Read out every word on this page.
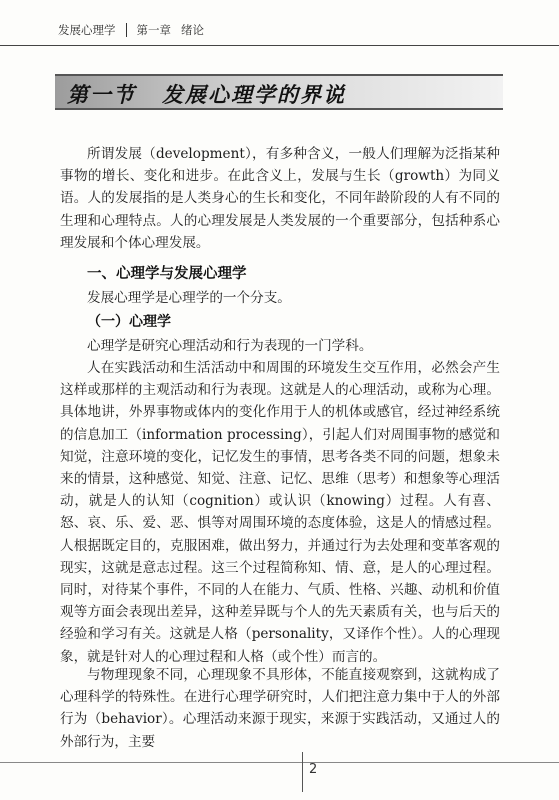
发展心理学 第一章 绪论
第一节 发展心理学的界说
所谓发展（development），有多种含义，一般人们理解为泛指某种事物的增长、变化和进步。在此含义上，发展与生长（growth）为同义语。人的发展指的是人类身心的生长和变化，不同年龄阶段的人有不同的生理和心理特点。人的心理发展是人类发展的一个重要部分，包括种系心理发展和个体心理发展。
一、心理学与发展心理学
发展心理学是心理学的一个分支。
（一）心理学
心理学是研究心理活动和行为表现的一门学科。
人在实践活动和生活活动中和周围的环境发生交互作用，必然会产生这样或那样的主观活动和行为表现。这就是人的心理活动，或称为心理。具体地讲，外界事物或体内的变化作用于人的机体或感官，经过神经系统的信息加工（information processing），引起人们对周围事物的感觉和知觉，注意环境的变化，记忆发生的事情，思考各类不同的问题，想象未来的情景，这种感觉、知觉、注意、记忆、思维（思考）和想象等心理活动，就是人的认知（cognition）或认识（knowing）过程。人有喜、怒、哀、乐、爱、恶、惧等对周围环境的态度体验，这是人的情感过程。人根据既定目的，克服困难，做出努力，并通过行为去处理和变革客观的现实，这就是意志过程。这三个过程简称知、情、意，是人的心理过程。同时，对待某个事件，不同的人在能力、气质、性格、兴趣、动机和价值观等方面会表现出差异，这种差异既与个人的先天素质有关，也与后天的经验和学习有关。这就是人格（personality，又译作个性）。人的心理现象，就是针对人的心理过程和人格（或个性）而言的。
与物理现象不同，心理现象不具形体，不能直接观察到，这就构成了心理科学的特殊性。在进行心理学研究时，人们把注意力集中于人的外部行为（behavior）。心理活动来源于现实，来源于实践活动，又通过人的外部行为，主要
2
